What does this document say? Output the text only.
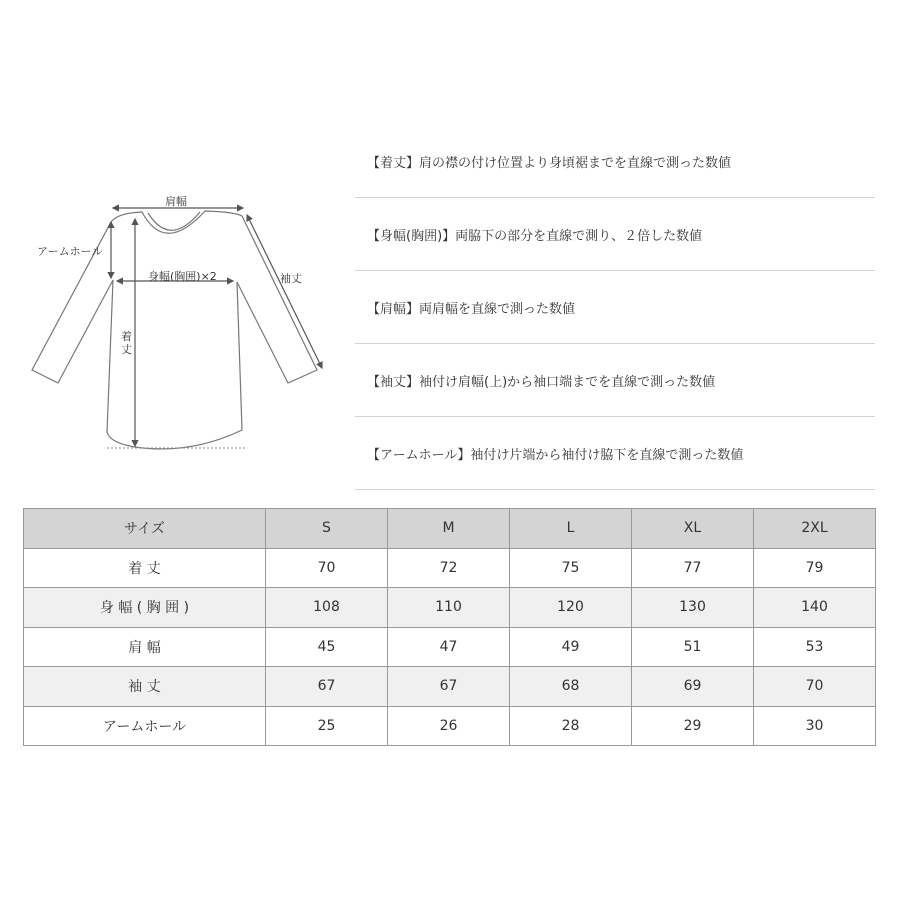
肩幅
アームホール
身幅(胸囲)×2
着丈
袖丈
【着丈】肩の襟の付け位置より身頃裾までを直線で測った数値
【身幅(胸囲)】両脇下の部分を直線で測り、２倍した数値
【肩幅】両肩幅を直線で測った数値
【袖丈】袖付け肩幅(上)から袖口端までを直線で測った数値
【アームホール】袖付け片端から袖付け脇下を直線で測った数値
サイズ	S	M	L	XL	2XL
着 丈	70	72	75	77	79
身 幅 ( 胸 囲 )	108	110	120	130	140
肩 幅	45	47	49	51	53
袖 丈	67	67	68	69	70
アームホール	25	26	28	29	30
